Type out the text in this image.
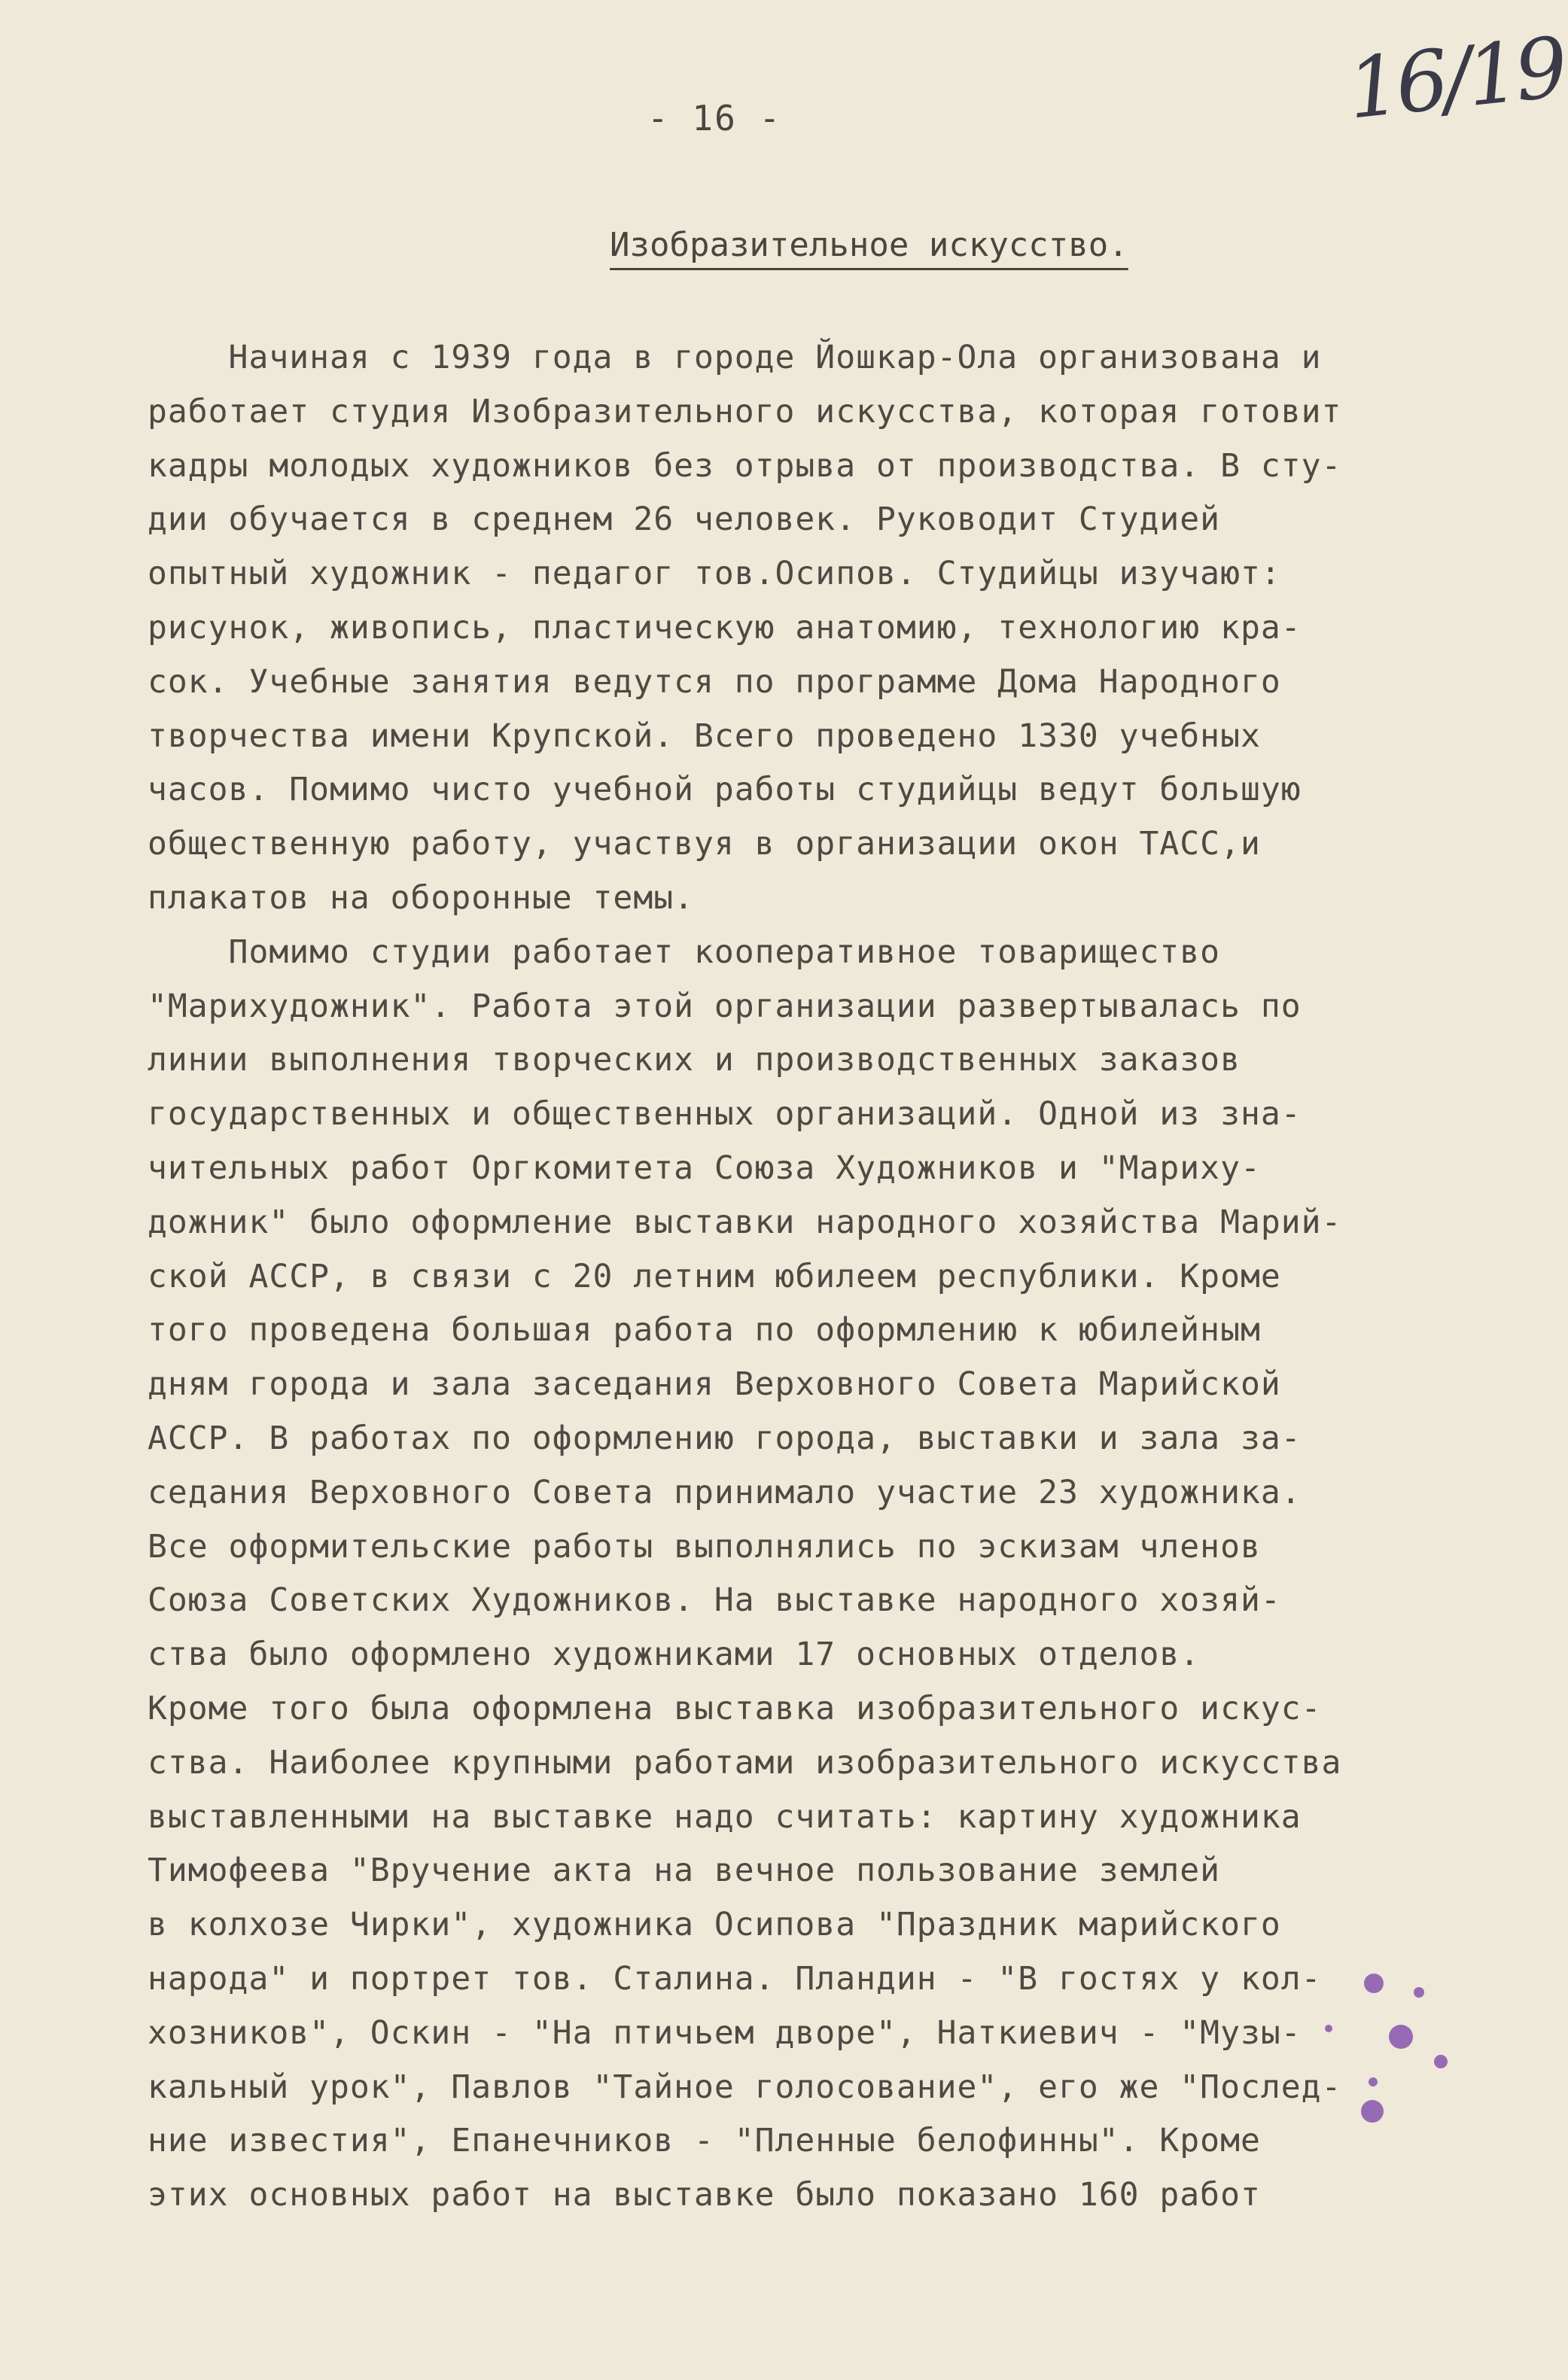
- 16 -	16/19
Изобразительное искусство.
Начиная с 1939 года в городе Йошкар-Ола организована и
работает студия Изобразительного искусства, которая готовит
кадры молодых художников без отрыва от производства. В сту-
дии обучается в среднем 26 человек. Руководит Студией
опытный художник - педагог тов.Осипов. Студийцы изучают:
рисунок, живопись, пластическую анатомию, технологию кра-
сок. Учебные занятия ведутся по программе Дома Народного
творчества имени Крупской. Всего проведено 1330 учебных
часов. Помимо чисто учебной работы студийцы ведут большую
общественную работу, участвуя в организации окон ТАСС,и
плакатов на оборонные темы.
Помимо студии работает кооперативное товарищество
"Марихудожник". Работа этой организации развертывалась по
линии выполнения творческих и производственных заказов
государственных и общественных организаций. Одной из зна-
чительных работ Оргкомитета Союза Художников и "Мариху-
дожник" было оформление выставки народного хозяйства Марий-
ской АССР, в связи с 20 летним юбилеем республики. Кроме
того проведена большая работа по оформлению к юбилейным
дням города и зала заседания Верховного Совета Марийской
АССР. В работах по оформлению города, выставки и зала за-
седания Верховного Совета принимало участие 23 художника.
Все оформительские работы выполнялись по эскизам членов
Союза Советских Художников. На выставке народного хозяй-
ства было оформлено художниками 17 основных отделов.
Кроме того была оформлена выставка изобразительного искус-
ства. Наиболее крупными работами изобразительного искусства
выставленными на выставке надо считать: картину художника
Тимофеева "Вручение акта на вечное пользование землей
в колхозе Чирки", художника Осипова "Праздник марийского
народа" и портрет тов. Сталина. Пландин - "В гостях у кол-
хозников", Оскин - "На птичьем дворе", Наткиевич - "Музы-
кальный урок", Павлов "Тайное голосование", его же "Послед-
ние известия", Епанечников - "Пленные белофинны". Кроме
этих основных работ на выставке было показано 160 работ
